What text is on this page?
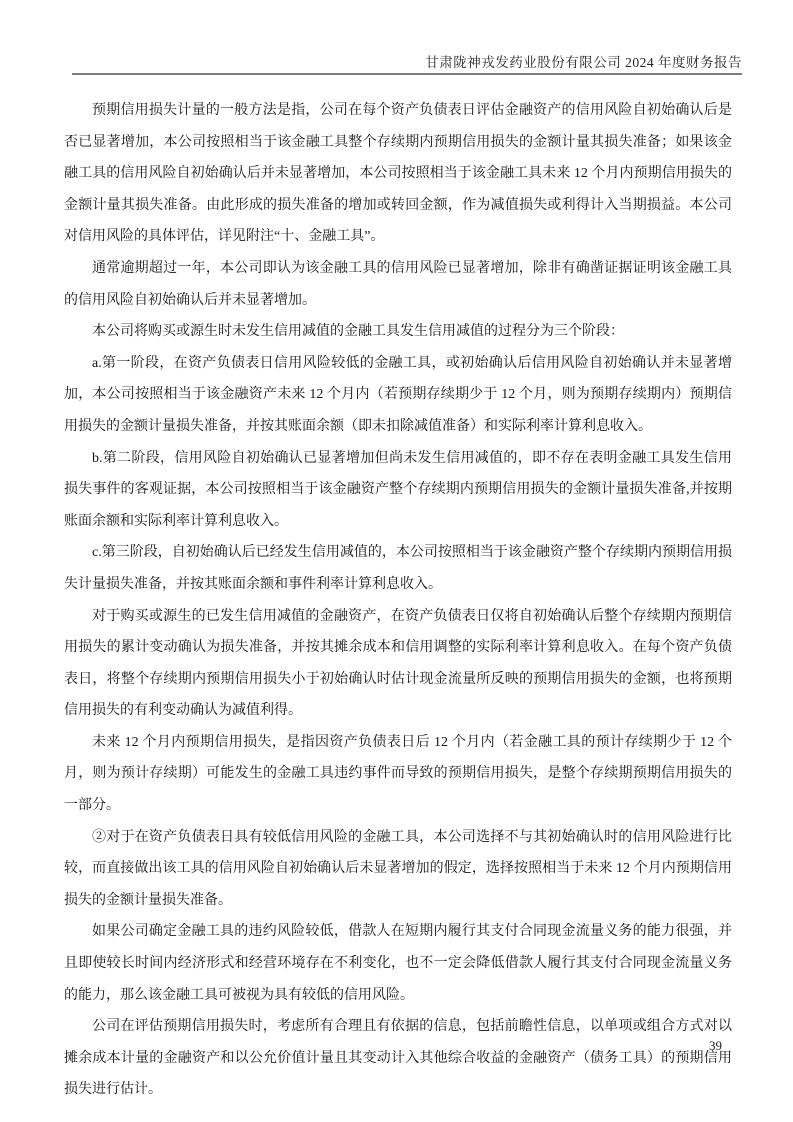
甘肃陇神戎发药业股份有限公司 2024 年度财务报告

预期信用损失计量的一般方法是指，公司在每个资产负债表日评估金融资产的信用风险自初始确认后是否已显著增加，本公司按照相当于该金融工具整个存续期内预期信用损失的金额计量其损失准备；如果该金融工具的信用风险自初始确认后并未显著增加，本公司按照相当于该金融工具未来 12 个月内预期信用损失的金额计量其损失准备。由此形成的损失准备的增加或转回金额，作为减值损失或利得计入当期损益。本公司对信用风险的具体评估，详见附注“十、金融工具”。

通常逾期超过一年，本公司即认为该金融工具的信用风险已显著增加，除非有确凿证据证明该金融工具的信用风险自初始确认后并未显著增加。

本公司将购买或源生时未发生信用减值的金融工具发生信用减值的过程分为三个阶段：

a.第一阶段，在资产负债表日信用风险较低的金融工具，或初始确认后信用风险自初始确认并未显著增加，本公司按照相当于该金融资产未来 12 个月内（若预期存续期少于 12 个月，则为预期存续期内）预期信用损失的金额计量损失准备，并按其账面余额（即未扣除减值准备）和实际利率计算利息收入。

b.第二阶段，信用风险自初始确认已显著增加但尚未发生信用减值的，即不存在表明金融工具发生信用损失事件的客观证据，本公司按照相当于该金融资产整个存续期内预期信用损失的金额计量损失准备,并按期账面余额和实际利率计算利息收入。

c.第三阶段，自初始确认后已经发生信用减值的，本公司按照相当于该金融资产整个存续期内预期信用损失计量损失准备，并按其账面余额和事件利率计算利息收入。

对于购买或源生的已发生信用减值的金融资产，在资产负债表日仅将自初始确认后整个存续期内预期信用损失的累计变动确认为损失准备，并按其摊余成本和信用调整的实际利率计算利息收入。在每个资产负债表日，将整个存续期内预期信用损失小于初始确认时估计现金流量所反映的预期信用损失的金额，也将预期信用损失的有利变动确认为减值利得。

未来 12 个月内预期信用损失，是指因资产负债表日后 12 个月内（若金融工具的预计存续期少于 12 个月，则为预计存续期）可能发生的金融工具违约事件而导致的预期信用损失，是整个存续期预期信用损失的一部分。

②对于在资产负债表日具有较低信用风险的金融工具，本公司选择不与其初始确认时的信用风险进行比较，而直接做出该工具的信用风险自初始确认后未显著增加的假定，选择按照相当于未来 12 个月内预期信用损失的金额计量损失准备。

如果公司确定金融工具的违约风险较低，借款人在短期内履行其支付合同现金流量义务的能力很强，并且即使较长时间内经济形式和经营环境存在不利变化，也不一定会降低借款人履行其支付合同现金流量义务的能力，那么该金融工具可被视为具有较低的信用风险。

公司在评估预期信用损失时，考虑所有合理且有依据的信息，包括前瞻性信息，以单项或组合方式对以摊余成本计量的金融资产和以公允价值计量且其变动计入其他综合收益的金融资产（债务工具）的预期信用损失进行估计。

39
